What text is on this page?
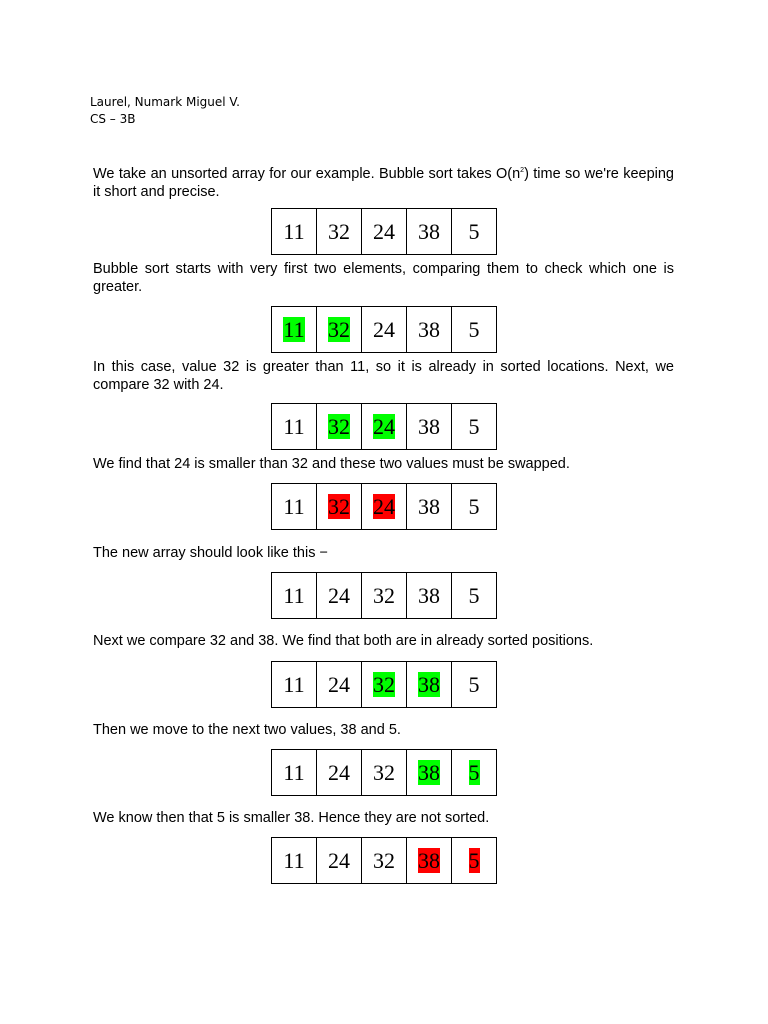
Laurel, Numark Miguel V.
CS – 3B
We take an unsorted array for our example. Bubble sort takes $O(n^2)$ time so we're keeping it short and precise.
11	32	24	38	5
Bubble sort starts with very first two elements, comparing them to check which one is greater.
11	32	24	38	5
In this case, value 32 is greater than 11, so it is already in sorted locations. Next, we compare 32 with 24.
11	32	24	38	5
We find that 24 is smaller than 32 and these two values must be swapped.
11	32	24	38	5
The new array should look like this −
11	24	32	38	5
Next we compare 32 and 38. We find that both are in already sorted positions.
11	24	32	38	5
Then we move to the next two values, 38 and 5.
11	24	32	38	5
We know then that 5 is smaller 38. Hence they are not sorted.
11	24	32	38	5
